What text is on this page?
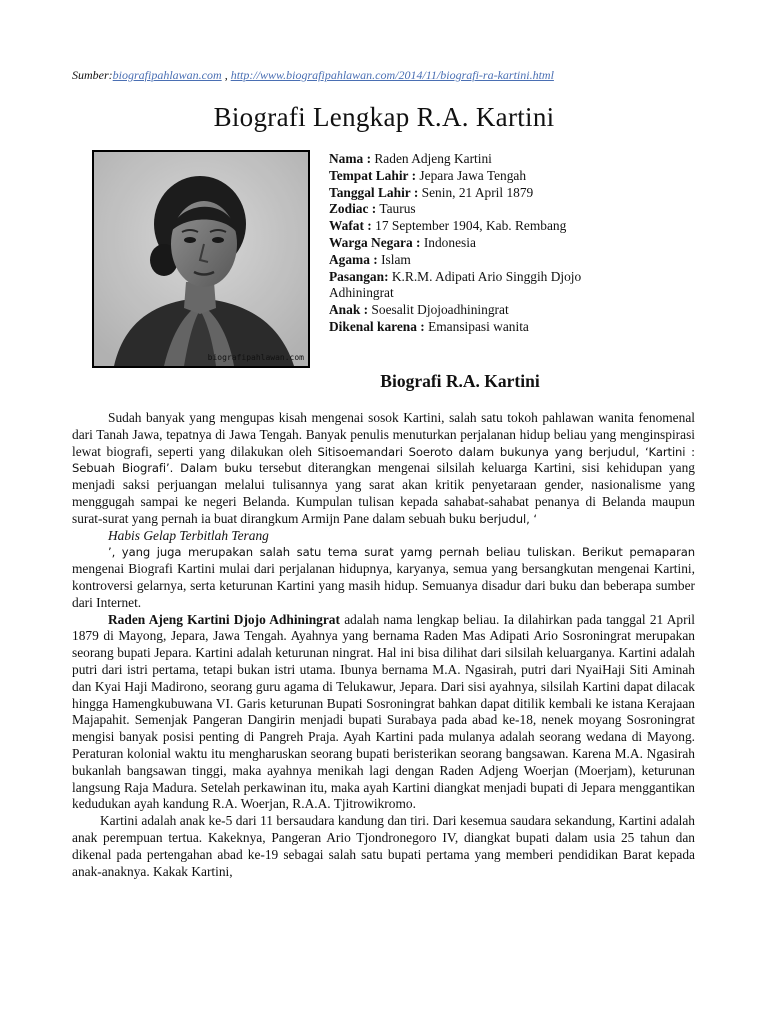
Sumber:biografipahlawan.com , http://www.biografipahlawan.com/2014/11/biografi-ra-kartini.html
Biografi Lengkap R.A. Kartini
biografipahlawan.com
Nama : Raden Adjeng Kartini
Tempat Lahir : Jepara Jawa Tengah
Tanggal Lahir : Senin, 21 April 1879
Zodiac : Taurus
Wafat : 17 September 1904, Kab. Rembang
Warga Negara : Indonesia
Agama : Islam
Pasangan: K.R.M. Adipati Ario Singgih Djojo Adhiningrat
Anak : Soesalit Djojoadhiningrat
Dikenal karena : Emansipasi wanita
Biografi R.A. Kartini

Sudah banyak yang mengupas kisah mengenai sosok Kartini, salah satu tokoh pahlawan wanita fenomenal dari Tanah Jawa, tepatnya di Jawa Tengah. Banyak penulis menuturkan perjalanan hidup beliau yang menginspirasi lewat biografi, seperti yang dilakukan oleh Sitisoemandari Soeroto dalam bukunya yang berjudul, ‘Kartini : Sebuah Biografi’. Dalam buku tersebut diterangkan mengenai silsilah keluarga Kartini, sisi kehidupan yang menjadi saksi perjuangan melalui tulisannya yang sarat akan kritik penyetaraan gender, nasionalisme yang menggugah sampai ke negeri Belanda. Kumpulan tulisan kepada sahabat-sahabat penanya di Belanda maupun surat-surat yang pernah ia buat dirangkum Armijn Pane dalam sebuah buku berjudul, ‘

Habis Gelap Terbitlah Terang

’, yang juga merupakan salah satu tema surat yamg pernah beliau tuliskan. Berikut pemaparan mengenai Biografi Kartini mulai dari perjalanan hidupnya, karyanya, semua yang bersangkutan mengenai Kartini, kontroversi gelarnya, serta keturunan Kartini yang masih hidup. Semuanya disadur dari buku dan beberapa sumber dari Internet.

Raden Ajeng Kartini Djojo Adhiningrat adalah nama lengkap beliau. Ia dilahirkan pada tanggal 21 April 1879 di Mayong, Jepara, Jawa Tengah. Ayahnya yang bernama Raden Mas Adipati Ario Sosroningrat merupakan seorang bupati Jepara. Kartini adalah keturunan ningrat. Hal ini bisa dilihat dari silsilah keluarganya. Kartini adalah putri dari istri pertama, tetapi bukan istri utama. Ibunya bernama M.A. Ngasirah, putri dari NyaiHaji Siti Aminah dan Kyai Haji Madirono, seorang guru agama di Telukawur, Jepara. Dari sisi ayahnya, silsilah Kartini dapat dilacak hingga Hamengkubuwana VI. Garis keturunan Bupati Sosroningrat bahkan dapat ditilik kembali ke istana Kerajaan Majapahit. Semenjak Pangeran Dangirin menjadi bupati Surabaya pada abad ke-18, nenek moyang Sosroningrat mengisi banyak posisi penting di Pangreh Praja. Ayah Kartini pada mulanya adalah seorang wedana di Mayong. Peraturan kolonial waktu itu mengharuskan seorang bupati beristerikan seorang bangsawan. Karena M.A. Ngasirah bukanlah bangsawan tinggi, maka ayahnya menikah lagi dengan Raden Adjeng Woerjan (Moerjam), keturunan langsung Raja Madura. Setelah perkawinan itu, maka ayah Kartini diangkat menjadi bupati di Jepara menggantikan kedudukan ayah kandung R.A. Woerjan, R.A.A. Tjitrowikromo.

Kartini adalah anak ke-5 dari 11 bersaudara kandung dan tiri. Dari kesemua saudara sekandung, Kartini adalah anak perempuan tertua. Kakeknya, Pangeran Ario Tjondronegoro IV, diangkat bupati dalam usia 25 tahun dan dikenal pada pertengahan abad ke-19 sebagai salah satu bupati pertama yang memberi pendidikan Barat kepada anak-anaknya. Kakak Kartini,
